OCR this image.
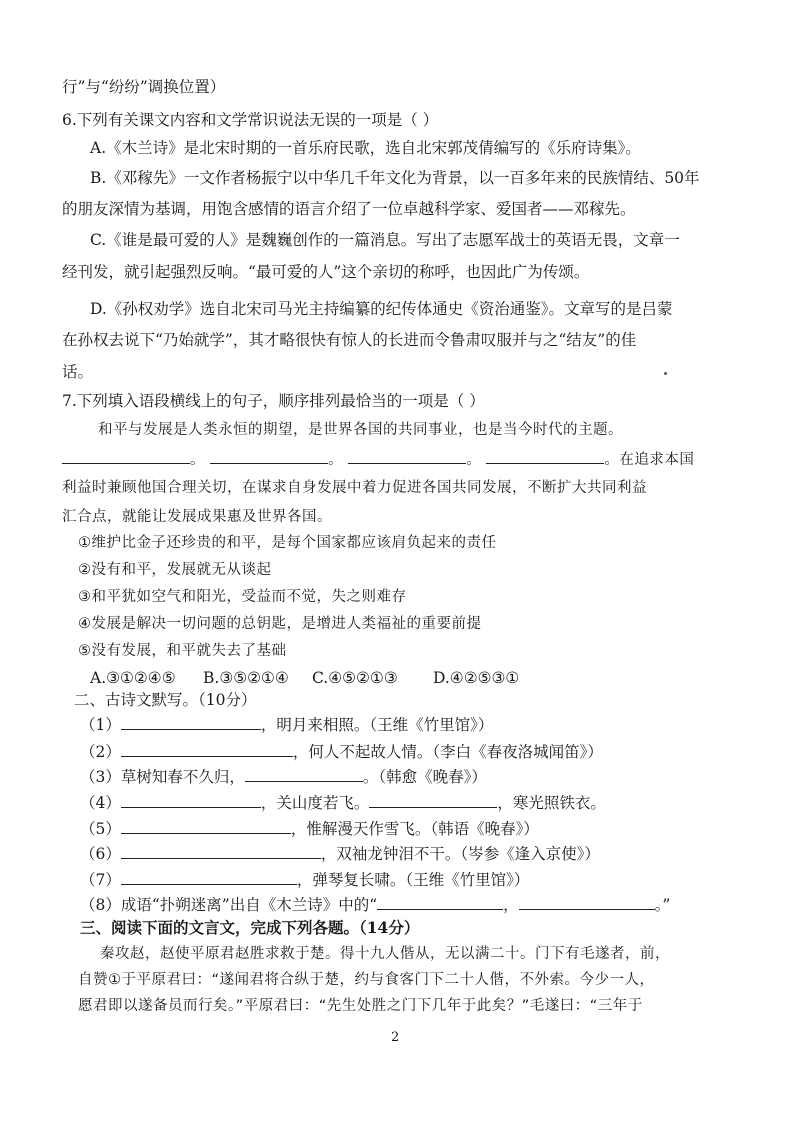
行”与“纷纷”调换位置）
6.下列有关课文内容和文学常识说法无误的一项是（ ）
A.《木兰诗》是北宋时期的一首乐府民歌，选自北宋郭茂倩编写的《乐府诗集》。
B.《邓稼先》一文作者杨振宁以中华几千年文化为背景，以一百多年来的民族情结、50年
的朋友深情为基调，用饱含感情的语言介绍了一位卓越科学家、爱国者——邓稼先。
C.《谁是最可爱的人》是魏巍创作的一篇消息。写出了志愿军战士的英语无畏，文章一
经刊发，就引起强烈反响。“最可爱的人”这个亲切的称呼，也因此广为传颂。
D.《孙权劝学》选自北宋司马光主持编纂的纪传体通史《资治通鉴》。文章写的是吕蒙
在孙权去说下“乃始就学”，其才略很快有惊人的长进而令鲁肃叹服并与之“结友”的佳
话。
7.下列填入语段横线上的句子，顺序排列最恰当的一项是（ ）
和平与发展是人类永恒的期望，是世界各国的共同事业，也是当今时代的主题。
。	。	。	。在追求本国
利益时兼顾他国合理关切，在谋求自身发展中着力促进各国共同发展，不断扩大共同利益
汇合点，就能让发展成果惠及世界各国。
①维护比金子还珍贵的和平，是每个国家都应该肩负起来的责任
②没有和平，发展就无从谈起
③和平犹如空气和阳光，受益而不觉，失之则难存
④发展是解决一切问题的总钥匙，是增进人类福祉的重要前提
⑤没有发展，和平就失去了基础
A.③①②④⑤ B.③⑤②①④ C.④⑤②①③ D.④②⑤③①
二、古诗文默写。（10分）
（1）	，明月来相照。（王维《竹里馆》）
（2）	，何人不起故人情。（李白《春夜洛城闻笛》）
（3）草树知春不久归，	。（韩愈《晚春》）
（4）	，关山度若飞。	，寒光照铁衣。
（5）	，惟解漫天作雪飞。（韩语《晚春》）
（6）	，双袖龙钟泪不干。（岑参《逢入京使》）
（7）	，弹琴复长啸。（王维《竹里馆》）
（8）成语“扑朔迷离”出自《木兰诗》中的“	，	。”
三、阅读下面的文言文，完成下列各题。（14分）
秦攻赵，赵使平原君赵胜求救于楚。得十九人偕从，无以满二十。门下有毛遂者，前，
自赞①于平原君曰：“遂闻君将合纵于楚，约与食客门下二十人偕，不外索。今少一人，
愿君即以遂备员而行矣。”平原君曰：“先生处胜之门下几年于此矣？”毛遂曰：“三年于
2
